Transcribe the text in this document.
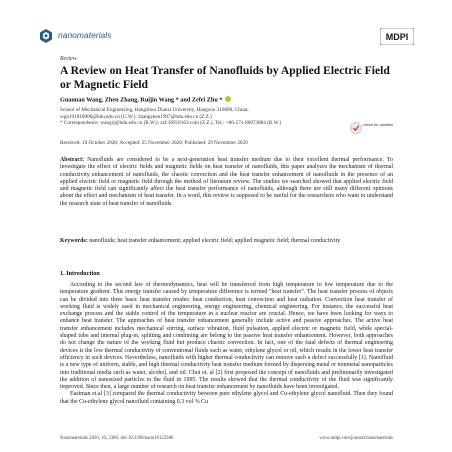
nanomaterials	MDPI
Review
A Review on Heat Transfer of Nanofluids by Applied Electric Field or Magnetic Field
Guannan Wang, Zhen Zhang, Ruijin Wang * and Zefei Zhu *
School of Mechanical Engineering, Hangzhou Dianzi University, Hangzou 310000, China;
wgn191010006@hdu.edu.cn (G.W.); zhangzhen1997@hdu.edu.cn (Z.Z.)
* Correspondence: wangrj@hdu.edu.cn (R.W.); zzf.36918163.com (Z.Z.); Tel.: +86-571-86873884 (R.W.)	check for updates
Received: 19 October 2020; Accepted: 25 November 2020; Published: 29 November 2020
Abstract: Nanofluids are considered to be a next-generation heat transfer medium due to their excellent thermal performance. To investigate the effect of electric fields and magnetic fields on heat transfer of nanofluids, this paper analyzes the mechanism of thermal conductivity enhancement of nanofluids, the chaotic convection and the heat transfer enhancement of nanofluids in the presence of an applied electric field or magnetic field through the method of literature review. The studies we searched showed that applied electric field and magnetic field can significantly affect the heat transfer performance of nanofluids, although there are still many different opinions about the effect and mechanism of heat transfer. In a word, this review is supposed to be useful for the researchers who want to understand the research state of heat transfer of nanofluids.
Keywords: nanofluids; heat transfer enhancement; applied electric field; applied magnetic field; thermal conductivity
1. Introduction

According to the second law of thermodynamics, heat will be transferred from high temperature to low temperature due to the temperature gradient. This energy transfer caused by temperature difference is termed "heat transfer". The heat transfer process of objects can be divided into three basic heat transfer modes: heat conduction, heat convection and heat radiation. Convection heat transfer of working fluid is widely used in mechanical engineering, energy engineering, chemical engineering. For instance, the successful heat exchange process and the stable control of the temperature in a nuclear reactor are crucial. Hence, we have been looking for ways to enhance heat transfer. The approaches of heat transfer enhancement generally include active and passive approaches. The active heat transfer enhancement includes mechanical stirring, surface vibration, fluid pulsation, applied electric or magnetic field, while special-shaped tube and internal plug-in, splitting and combining are belong to the passive heat transfer enhancement. However, both approaches do not change the nature of the working fluid but produce chaotic convection. In fact, one of the fatal defects of thermal engineering devices is the low thermal conductivity of conventional fluids such as water, ethylene glycol or oil, which results in the lower heat transfer efficiency in such devices. Nevertheless, nanofluids with higher thermal conductivity can remove such a defect successfully [1]. Nanofluid is a new type of uniform, stable, and high thermal conductivity heat transfer medium formed by dispersing metal or nonmetal nanoparticles into traditional media such as water, alcohol, and oil. Choi et. al [2] first proposed the concept of nanofluids and preliminarily investigated the addition of nanosized particles to the fluid in 1995. The results showed that the thermal conductivity of the fluid was significantly improved. Since then, a large number of research on heat transfer enhancement by nanofluids have been investigated.

Eastman et.al [3] compared the thermal conductivity between pure ethylene glycol and Cu-ethylene glycol nanofluid. Then they found that the Cu-ethylene glycol nanofluid containing 0.3 vol % Cu

Nanomaterials 2020, 10, 2386; doi:10.3390/nano10122386	www.mdpi.com/journal/nanomaterials
